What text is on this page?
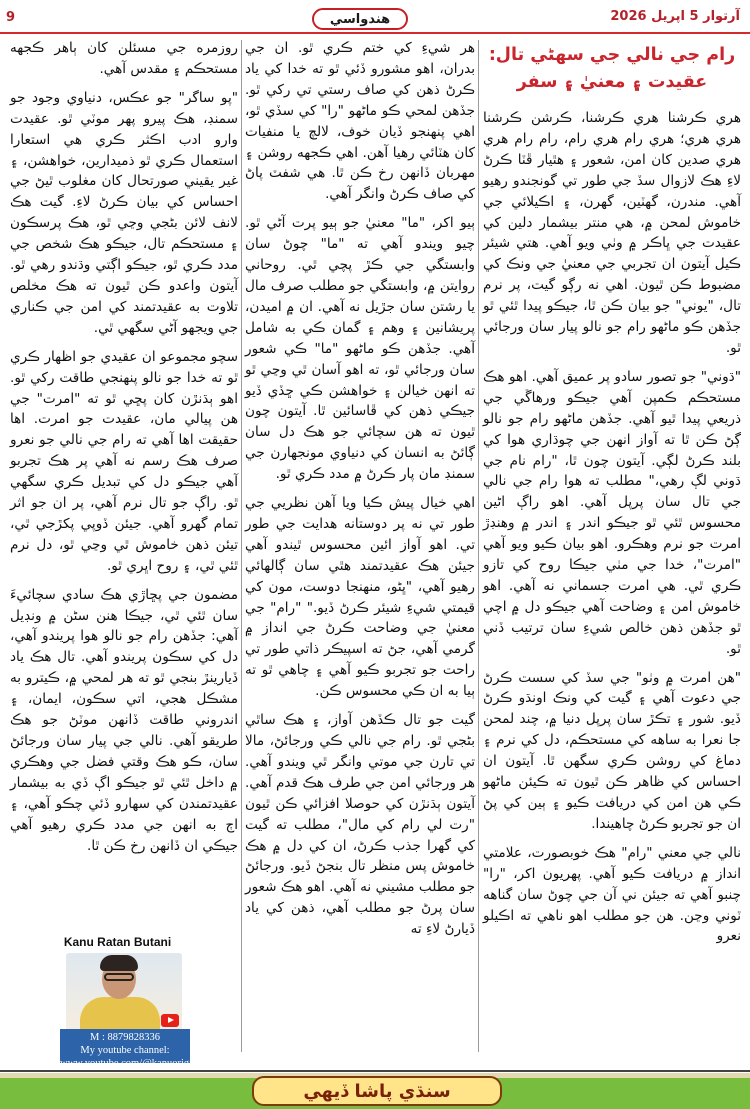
9	هندواسي	آرتوار 5 اپريل 2026
رام جي نالي جي سهڻي تال: عقيدت ۽ معنيٰ ۽ سفر

هري ڪرشنا هري ڪرشنا، ڪرشن ڪرشنا هري هري؛ هري رام هري رام، رام رام هري هري صدين کان امن، شعور ۽ هٿيار ڦٽا ڪرڻ لاءِ هڪ لازوال سڏ جي طور تي گونجندو رهيو آهي. مندرن، گھٽين، گهرن، ۽ اڪيلائي جي خاموش لمحن ۾، هي منتر بيشمار دلين کي عقيدت جي ڀاڪر ۾ وٺي ويو آهي. هتي شيئر ڪيل آيتون ان تجربي جي معنيٰ جي ونڪ کي مضبوط ڪن ٿيون. اهي نه رڳو گيت، پر نرم تال، "يوني" جو بيان ڪن ٿا، جيڪو پيدا ٿئي ٿو جڏهن ڪو ماڻهو رام جو نالو پيار سان ورجائي ٿو.

"ڌوني" جو تصور سادو پر عميق آهي. اهو هڪ مستحڪم ڪمپن آهي جيڪو ورهاڱي جي ذريعي پيدا ٿيو آهي. جڏهن ماڻهو رام جو نالو ڳڻ ڪن ٿا ته آواز انهن جي چوڌاري هوا کي بلند ڪرڻ لڳي. آيتون چون ٿا، "رام نام جي ڌوني لڳ رهي،" مطلب ته هوا رام جي نالي جي تال سان پرپل آهي. اهو راڳ اڻين محسوس ٿئي ٿو جيڪو اندر ۽ اندر ۾ وهنڊڙ امرت جو نرم وهڪرو. اهو بيان ڪيو ويو آهي "امرت"، خدا جي مٺي جيڪا روح کي تازو ڪري ٿي. هي امرت جسماني نه آهي. اهو خاموش امن ۽ وضاحت آهي جيڪو دل ۾ اچي ٿو جڏهن ذهن خالص شيءِ سان ترتيب ڏني ٿو.

"هن امرت ۾ وٺو" جي سڏ کي سست ڪرڻ جي دعوت آهي ۽ گيت کي ونڪ اونڌو ڪرڻ ڏيو. شور ۽ تڪڙ سان پرپل دنيا ۾، چند لمحن جا نعرا به ساهه کي مستحڪم، دل کي نرم ۽ دماغ کي روشن ڪري سگهن ٿا. آيتون ان احساس کي ظاهر ڪن ٿيون ته ڪيئن ماڻهو ڪي هن امن کي دريافت ڪيو ۽ ٻين کي پڻ ان جو تجربو ڪرڻ چاهيندا.

نالي جي معني "رام" هڪ خوبصورت، علامتي انداز ۾ دريافت ڪيو آهي. پهريون اکر، "را" چنبو آهي ته جيئن ني آن جي چوڻ سان گناهه ٽوني وڃن. هن جو مطلب اهو ناهي ته اڪيلو نعرو

هر شيءِ کي ختم ڪري ٿو. ان جي بدران، اهو مشورو ڏئي ٿو ته خدا کي ياد ڪرڻ ذهن کي صاف رستي تي رکي ٿو. جڏهن لمحي ڪو ماڻهو "را" کي سڏي ٿو، اهي پنهنجو ڏيان خوف، لالچ يا منفيات کان هٽائي رهيا آهن. اهي ڪجهه روشن ۽ مهربان ڏانهن رخ ڪن ٿا. هي شفٽ پاڻ کي صاف ڪرڻ وانگر آهي.

ٻيو اکر، "ما" معنيٰ جو ٻيو پرت آڻي ٿو. چيو ويندو آهي ته "ما" چوڻ سان وابستگي جي ڪڙ پچي ٿي. روحاني روايتن ۾، وابستگي جو مطلب صرف مال يا رشتن سان جڙيل نه آهي. ان ۾ اميدن، پريشانين ۽ وهم ۽ گمان ڪي به شامل آهي. جڏهن ڪو ماڻهو "ما" ڪي شعور سان ورجائي ٿو، ته اهو آسان ٿي وڃي ٿو ته انهن خيالن ۽ خواهشن ڪي ڇڏي ڏيو جيڪي ذهن کي ڦاسائين ٿا. آيتون چون ٿيون ته هن سچائي جو هڪ دل سان ڳائڻ به انسان کي دنياوي مونجهارن جي سمنڊ مان پار ڪرڻ ۾ مدد ڪري ٿو.

اهي خيال پيش ڪيا ويا آهن نظريي جي طور تي نه پر دوستانه هدايت جي طور تي. اهو آواز ائين محسوس ٿيندو آهي جيئن هڪ عقيدتمند هٿي سان ڳالهائي رهيو آهي، "ڀڻو، منهنجا دوست، مون کي قيمتي شيءِ شيئر ڪرڻ ڏيو." "رام" جي معنيٰ جي وضاحت ڪرڻ جي انداز ۾ گرمي آهي، جڻ ته اسپيڪر ذاتي طور تي راحت جو تجربو ڪيو آهي ۽ چاهي ٿو ته ٻيا به ان ڪي محسوس ڪن.

گيت جو تال ڪڏهن آواز، ۽ هڪ ساٿي بڻجي ٿو. رام جي نالي ڪي ورجائڻ، مالا تي تارن جي موتي وانگر ٿي ويندو آهي. هر ورجائي امن جي طرف هڪ قدم آهي. آيتون ٻڌنڙن کي حوصلا افزائي ڪن ٿيون "رت لي رام کي مال"، مطلب ته گيت کي گهرا جذب ڪرڻ، ان کي دل ۾ هڪ خاموش پس منظر تال بنجڻ ڏيو. ورجائڻ جو مطلب مشيني نه آهي. اهو هڪ شعور سان پرڻ جو مطلب آهي، ذهن کي ياد ڏيارڻ لاءِ ته

روزمره جي مسئلن کان ٻاهر ڪجهه مستحڪم ۽ مقدس آهي.

"پو ساگر" جو عڪس، دنياوي وجود جو سمنڊ، هڪ پيرو پهر موٽي ٿو. عقيدت وارو ادب اڪثر ڪري هي استعارا استعمال ڪري ٿو ذميدارين، خواهشن، ۽ غير يقيني صورتحال کان مغلوب ٿيڻ جي احساس کي بيان ڪرڻ لاءِ. گيت هڪ لانف لائن بڻجي وڃي ٿو، هڪ پرسڪون ۽ مستحڪم تال، جيڪو هڪ شخص جي مدد ڪري ٿو، جيڪو اڳتي وڌندو رهي ٿو. آيتون واعدو ڪن ٿيون ته هڪ مخلص تلاوت به عقيدتمند کي امن جي ڪناري جي ويجهو آڻي سگهي ٿي.

سچو مجموعو ان عقيدي جو اظهار ڪري ٿو ته خدا جو نالو پنهنجي طاقت رکي ٿو. اهو ٻڌنڙن کان پڇي ٿو ته "امرت" جي هن پيالي مان، عقيدت جو امرت. اها حقيقت اها آهي ته رام جي نالي جو نعرو صرف هڪ رسم نه آهي پر هڪ تجربو آهي جيڪو دل کي تبديل ڪري سگهي ٿو. راڳ جو تال نرم آهي، پر ان جو اثر تمام گهرو آهي. جيئن ڏوپي پکڙجي ٿي، تيئن ذهن خاموش ٿي وڃي ٿو، دل نرم ٿئي ٿي، ۽ روح اڀري ٿو.

مضمون جي پڇاڙي هڪ سادي سچائيءَ سان ٿئي ٿي، جيڪا هنن سڻن ۾ ونڊيل آهي: جڏهن رام جو نالو هوا پريندو آهي، دل کي سڪون پريندو آهي. تال هڪ ياد ڏيارينڙ بنجي ٿو ته هر لمحي ۾، ڪيترو به مشڪل هجي، اتي سڪون، ايمان، ۽ اندروني طاقت ڏانهن موٽڻ جو هڪ طريقو آهي. نالي جي پيار سان ورجائڻ سان، ڪو هڪ وقتي فضل جي وهڪري ۾ داخل ٿئي ٿو جيڪو اڳ ڏي به بيشمار عقيدتمندن کي سهارو ڏئي چڪو آهي، ۽ اڄ به انهن جي مدد ڪري رهيو آهي جيڪي ان ڏانهن رخ ڪن ٿا.

Kanu Ratan Butani
M : 8879828336
My youtube channel:
سنڌي پاشا ڏيهي
